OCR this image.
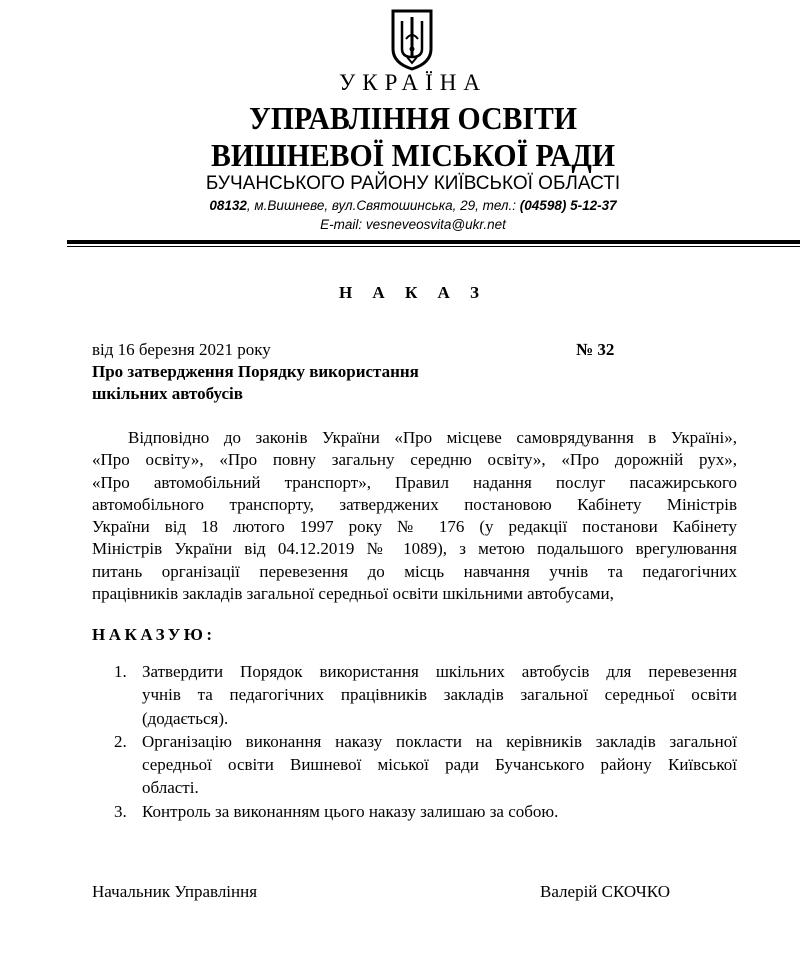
УКРАЇНА
УПРАВЛІННЯ ОСВІТИ
ВИШНЕВОЇ МІСЬКОЇ РАДИ
БУЧАНСЬКОГО РАЙОНУ КИЇВСЬКОЇ ОБЛАСТІ
08132, м.Вишневе, вул.Святошинська, 29, тел.: (04598) 5-12-37
E-mail: vesneveosvita@ukr.net
Н А К А З
від 16 березня 2021 року	№ 32
Про затвердження Порядку використання
шкільних автобусів
Відповідно до законів України «Про місцеве самоврядування в Україні»,
«Про освіту», «Про повну загальну середню освіту», «Про дорожній рух»,
«Про автомобільний транспорт», Правил надання послуг пасажирського
автомобільного транспорту, затверджених постановою Кабінету Міністрів
України від 18 лютого 1997 року № 176 (у редакції постанови Кабінету
Міністрів України від 04.12.2019 № 1089), з метою подальшого врегулювання
питань організації перевезення до місць навчання учнів та педагогічних
працівників закладів загальної середньої освіти шкільними автобусами,
НАКАЗУЮ:
1. Затвердити Порядок використання шкільних автобусів для перевезення
учнів та педагогічних працівників закладів загальної середньої освіти
(додається).
2. Організацію виконання наказу покласти на керівників закладів загальної
середньої освіти Вишневої міської ради Бучанського району Київської
області.
3. Контроль за виконанням цього наказу залишаю за собою.
Начальник Управління	Валерій СКОЧКО
